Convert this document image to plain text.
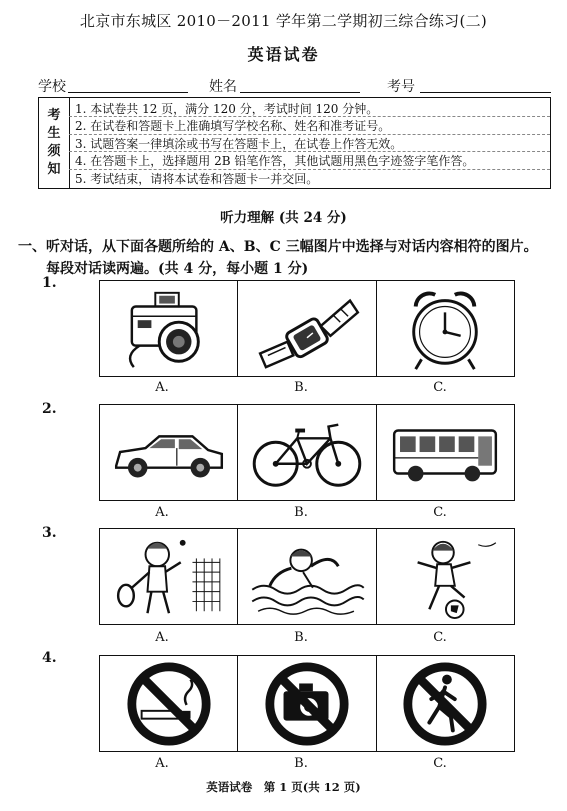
北京市东城区 2010－2011 学年第二学期初三综合练习(二)
英语试卷
学校	姓名	考号
考
生
须
知
1. 本试卷共 12 页，满分 120 分，考试时间 120 分钟。
2. 在试卷和答题卡上准确填写学校名称、姓名和准考证号。
3. 试题答案一律填涂或书写在答题卡上，在试卷上作答无效。
4. 在答题卡上，选择题用 2B 铅笔作答，其他试题用黑色字迹签字笔作答。
5. 考试结束，请将本试卷和答题卡一并交回。
听力理解 (共 24 分)
一、听对话，从下面各题所给的 A、B、C 三幅图片中选择与对话内容相符的图片。
每段对话读两遍。(共 4 分，每小题 1 分)
1.
A.	B.	C.
2.
A.	B.	C.
3.
A.	B.	C.
4.
A.	B.	C.
英语试卷　第 1 页(共 12 页)
